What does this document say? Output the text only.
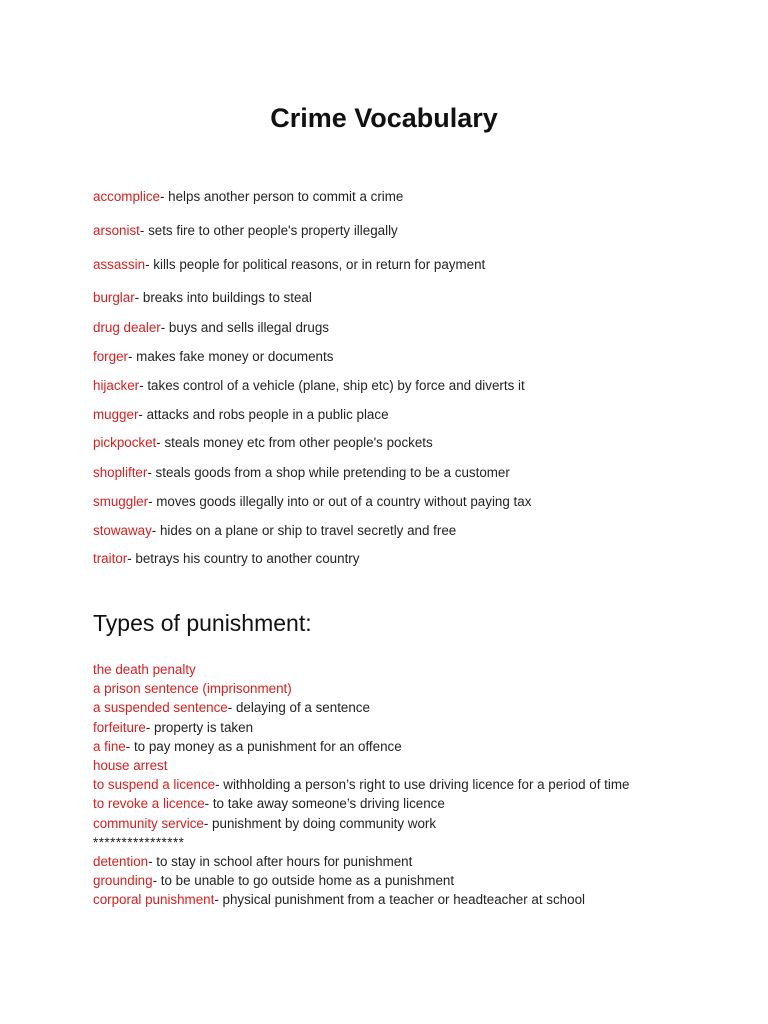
Crime Vocabulary
accomplice- helps another person to commit a crime
arsonist- sets fire to other people's property illegally
assassin- kills people for political reasons, or in return for payment
burglar- breaks into buildings to steal
drug dealer- buys and sells illegal drugs
forger- makes fake money or documents
hijacker- takes control of a vehicle (plane, ship etc) by force and diverts it
mugger- attacks and robs people in a public place
pickpocket- steals money etc from other people's pockets
shoplifter- steals goods from a shop while pretending to be a customer
smuggler- moves goods illegally into or out of a country without paying tax
stowaway- hides on a plane or ship to travel secretly and free
traitor- betrays his country to another country
Types of punishment:
the death penalty
a prison sentence (imprisonment)
a suspended sentence- delaying of a sentence
forfeiture- property is taken
a fine- to pay money as a punishment for an offence
house arrest
to suspend a licence- withholding a person’s right to use driving licence for a period of time
to revoke a licence- to take away someone’s driving licence
community service- punishment by doing community work
****************
detention- to stay in school after hours for punishment
grounding- to be unable to go outside home as a punishment
corporal punishment- physical punishment from a teacher or headteacher at school
